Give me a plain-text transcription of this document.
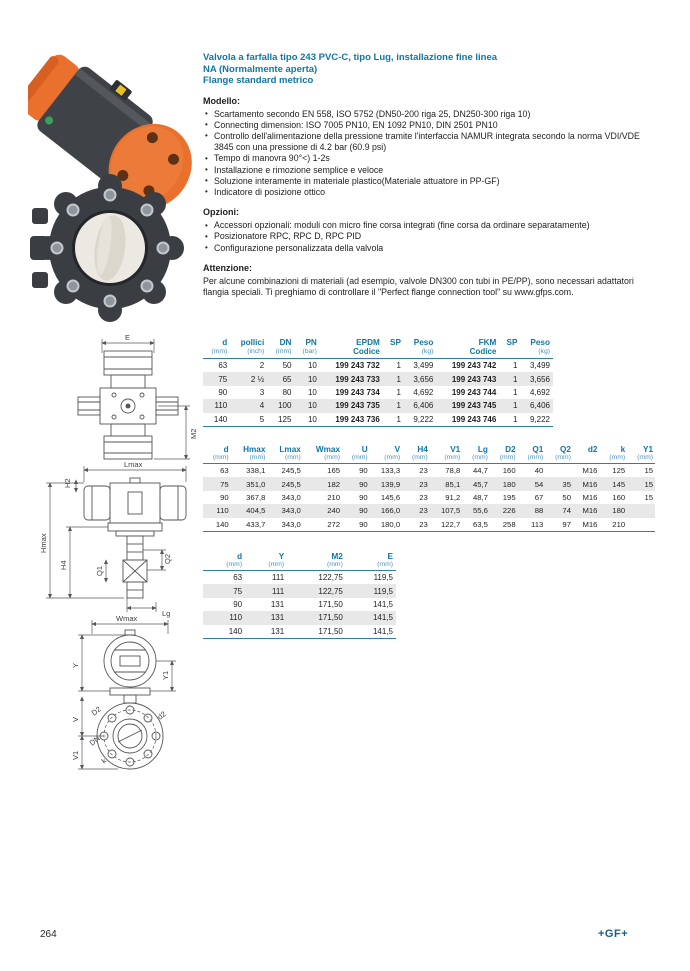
E
M2
Lmax
H2
Hmax
H4
Q1
Q2
Lg
Wmax
Y
Y1
V
V1
D2
DN
k
d2
Valvola a farfalla tipo 243 PVC-C, tipo Lug, installazione fine linea
NA (Normalmente aperta)
Flange standard metrico
Modello:
• Scartamento secondo EN 558, ISO 5752 (DN50-200 riga 25, DN250-300 riga 10)
• Connecting dimension: ISO 7005 PN10, EN 1092 PN10, DIN 2501 PN10
• Controllo dell'alimentazione della pressione tramite l'interfaccia NAMUR integrata secondo la norma VDI/VDE 3845 con una pressione di 4.2 bar (60.9 psi)
• Tempo di manovra 90°<) 1-2s
• Installazione e rimozione semplice e veloce
• Soluzione interamente in materiale plastico(Materiale attuatore in PP-GF)
• Indicatore di posizione ottico
Opzioni:
• Accessori opzionali: moduli con micro fine corsa integrati (fine corsa da ordinare separatamente)
• Posizionatore RPC, RPC D, RPC PID
• Configurazione personalizzata della valvola
Attenzione:
Per alcune combinazioni di materiali (ad esempio, valvole DN300 con tubi in PE/PP), sono necessari adattatori flangia speciali. Ti preghiamo di controllare il "Perfect flange connection tool" su www.gfps.com.
d	pollici	DN	PN	EPDM	SP	Peso	FKM	SP	Peso
(mm)	(inch)	(mm)	(bar)	Codice		(kg)	Codice		(kg)
63	2	50	10	199 243 732	1	3,499	199 243 742	1	3,499
75	2 ½	65	10	199 243 733	1	3,656	199 243 743	1	3,656
90	3	80	10	199 243 734	1	4,692	199 243 744	1	4,692
110	4	100	10	199 243 735	1	6,406	199 243 745	1	6,406
140	5	125	10	199 243 736	1	9,222	199 243 746	1	9,222
d	Hmax	Lmax	Wmax	U	V	H4	V1	Lg	D2	Q1	Q2	d2	k	Y1
(mm)	(mm)	(mm)	(mm)	(mm)	(mm)	(mm)	(mm)	(mm)	(mm)	(mm)	(mm)		(mm)	(mm)
63	338,1	245,5	165	90	133,3	23	78,8	44,7	160	40		M16	125	15
75	351,0	245,5	182	90	139,9	23	85,1	45,7	180	54	35	M16	145	15
90	367,8	343,0	210	90	145,6	23	91,2	48,7	195	67	50	M16	160	15
110	404,5	343,0	240	90	166,0	23	107,5	55,6	226	88	74	M16	180	
140	433,7	343,0	272	90	180,0	23	122,7	63,5	258	113	97	M16	210	
d	Y	M2	E
(mm)	(mm)	(mm)	(mm)
63	111	122,75	119,5
75	111	122,75	119,5
90	131	171,50	141,5
110	131	171,50	141,5
140	131	171,50	141,5
264	+GF+
